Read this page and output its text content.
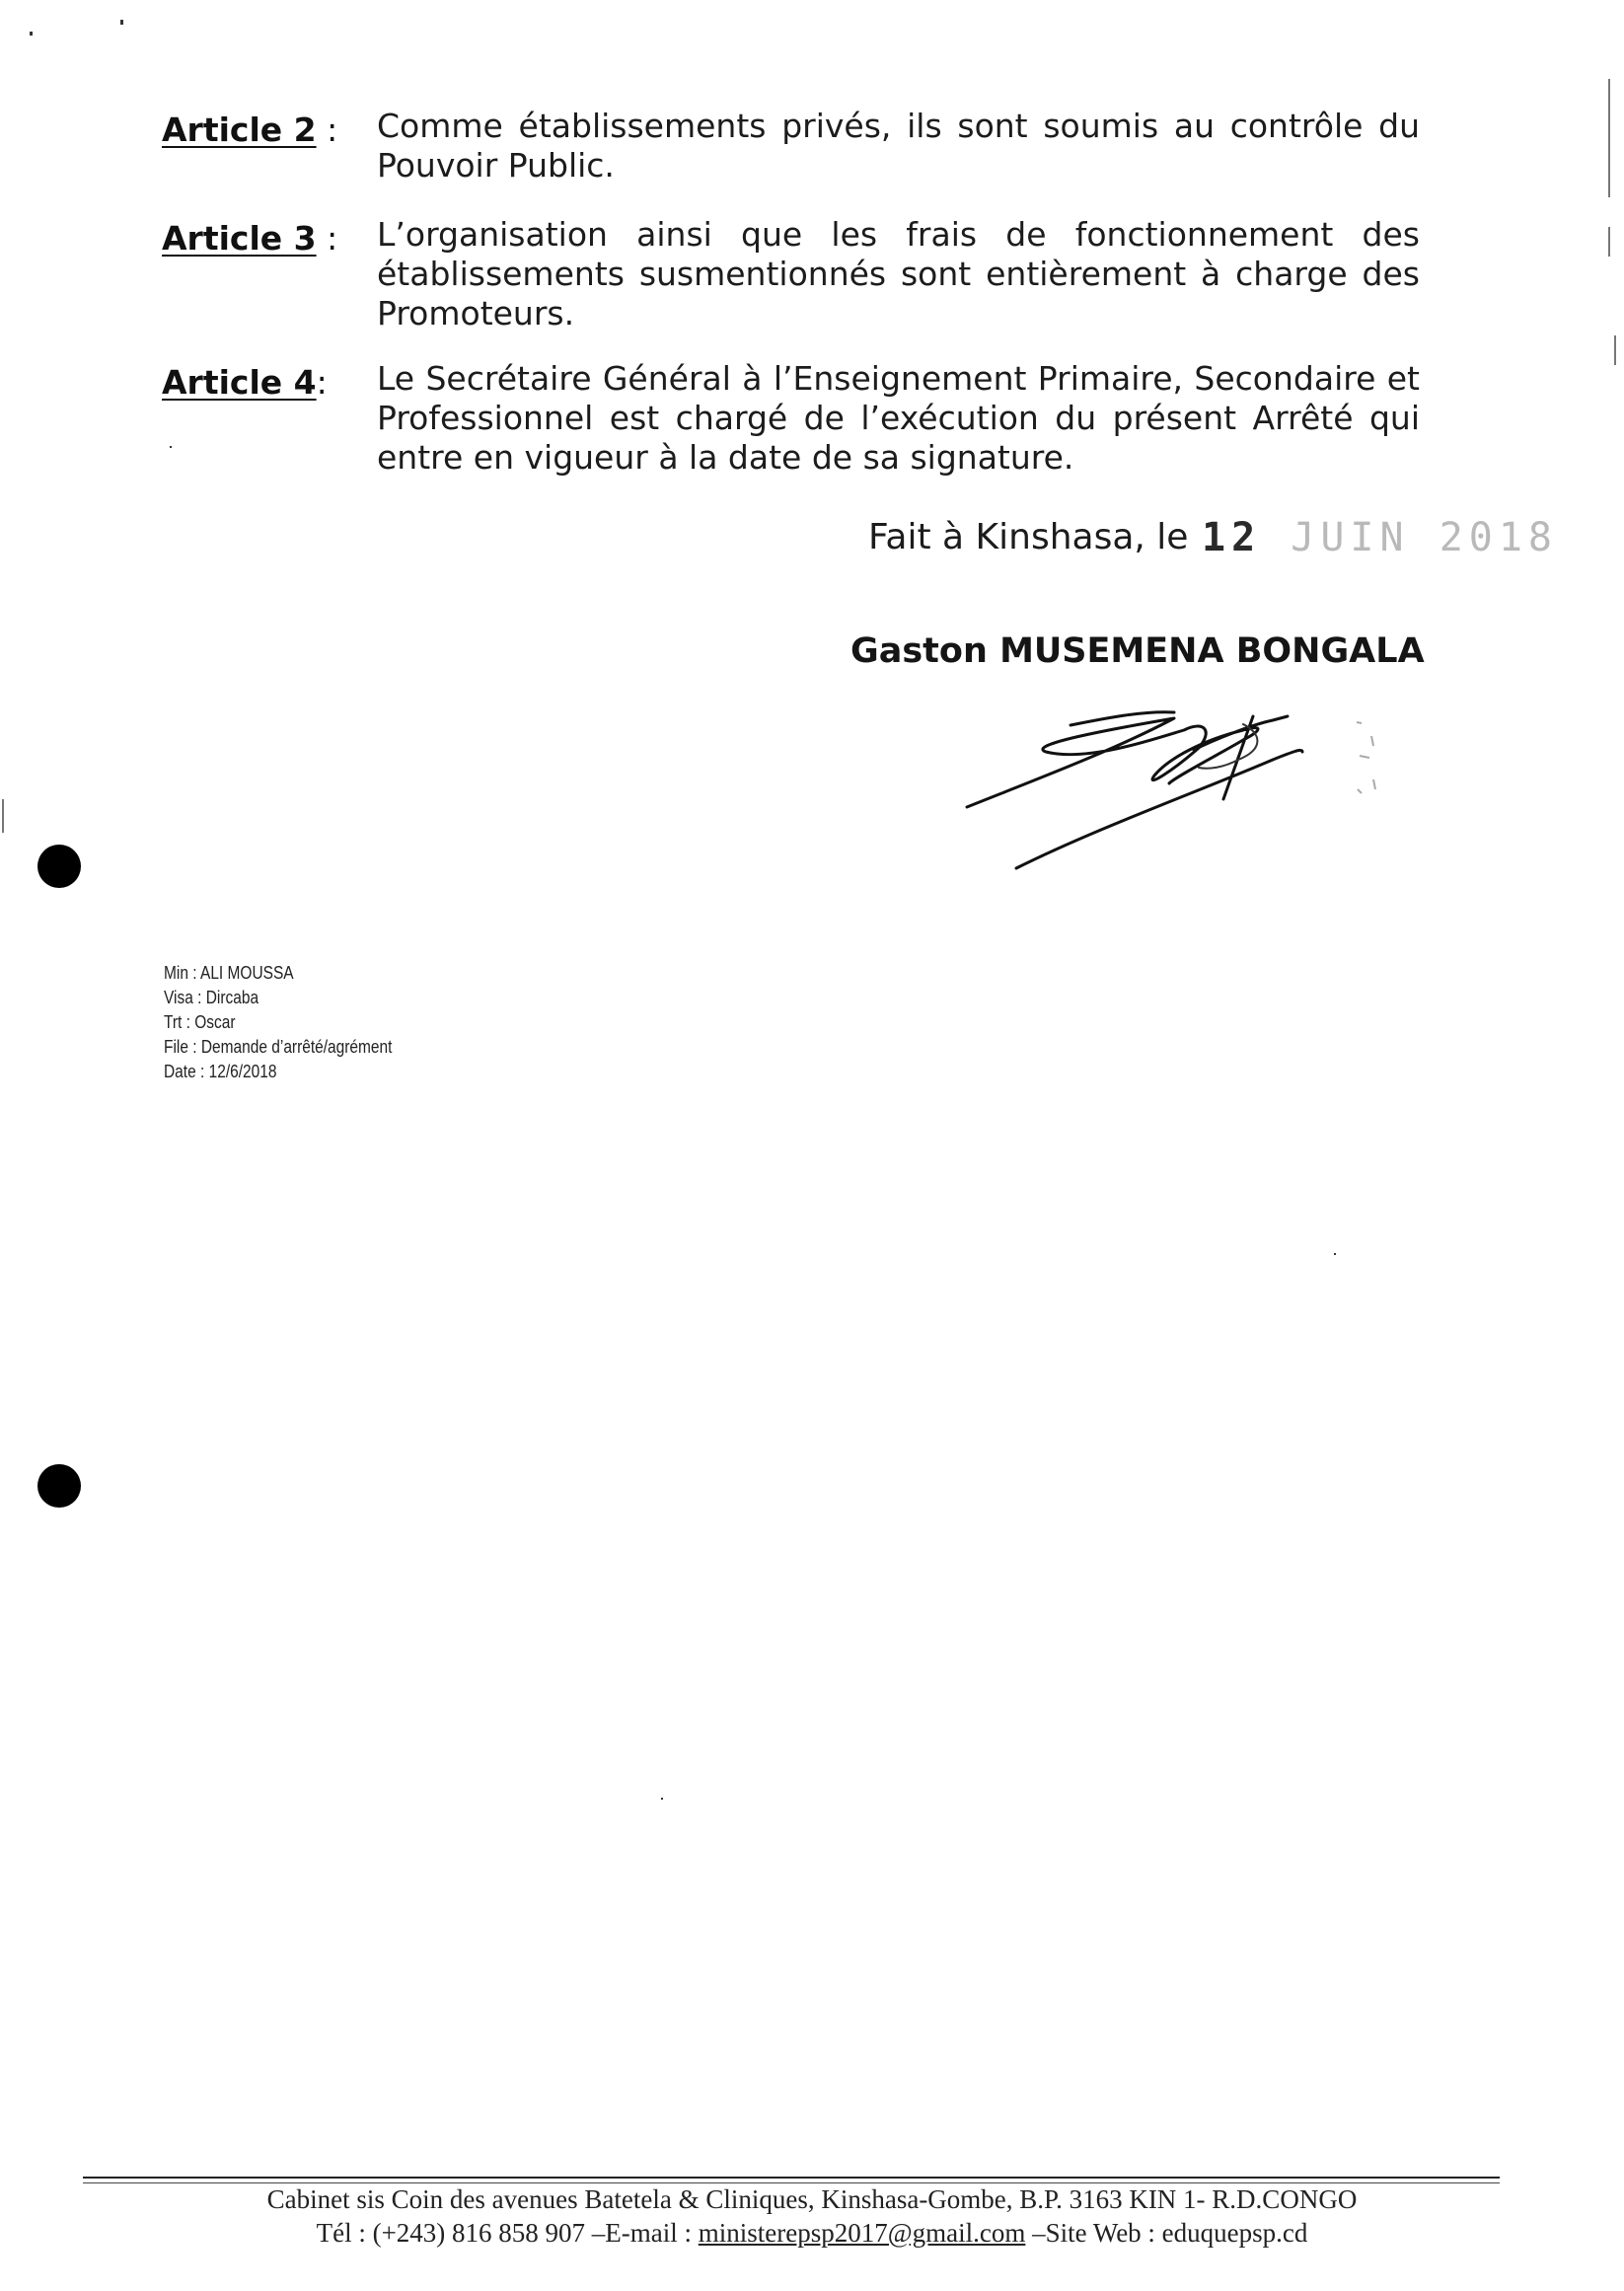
Article 2 :	Comme établissements privés, ils sont soumis au contrôle du Pouvoir Public.
Article 3 :	L’organisation ainsi que les frais de fonctionnement des établissements susmentionnés sont entièrement à charge des Promoteurs.
Article 4:	Le Secrétaire Général à l’Enseignement Primaire, Secondaire et Professionnel est chargé de l’exécution du présent Arrêté qui entre en vigueur à la date de sa signature.
Fait à Kinshasa, le 12 JUIN 2018
Gaston MUSEMENA BONGALA
Min : ALI MOUSSA
Visa : Dircaba
Trt : Oscar
File : Demande d’arrêté/agrément
Date : 12/6/2018
Cabinet sis Coin des avenues Batetela & Cliniques, Kinshasa-Gombe, B.P. 3163 KIN 1- R.D.CONGO
Tél : (+243) 816 858 907 –E-mail : ministerepsp2017@gmail.com –Site Web : eduquepsp.cd
